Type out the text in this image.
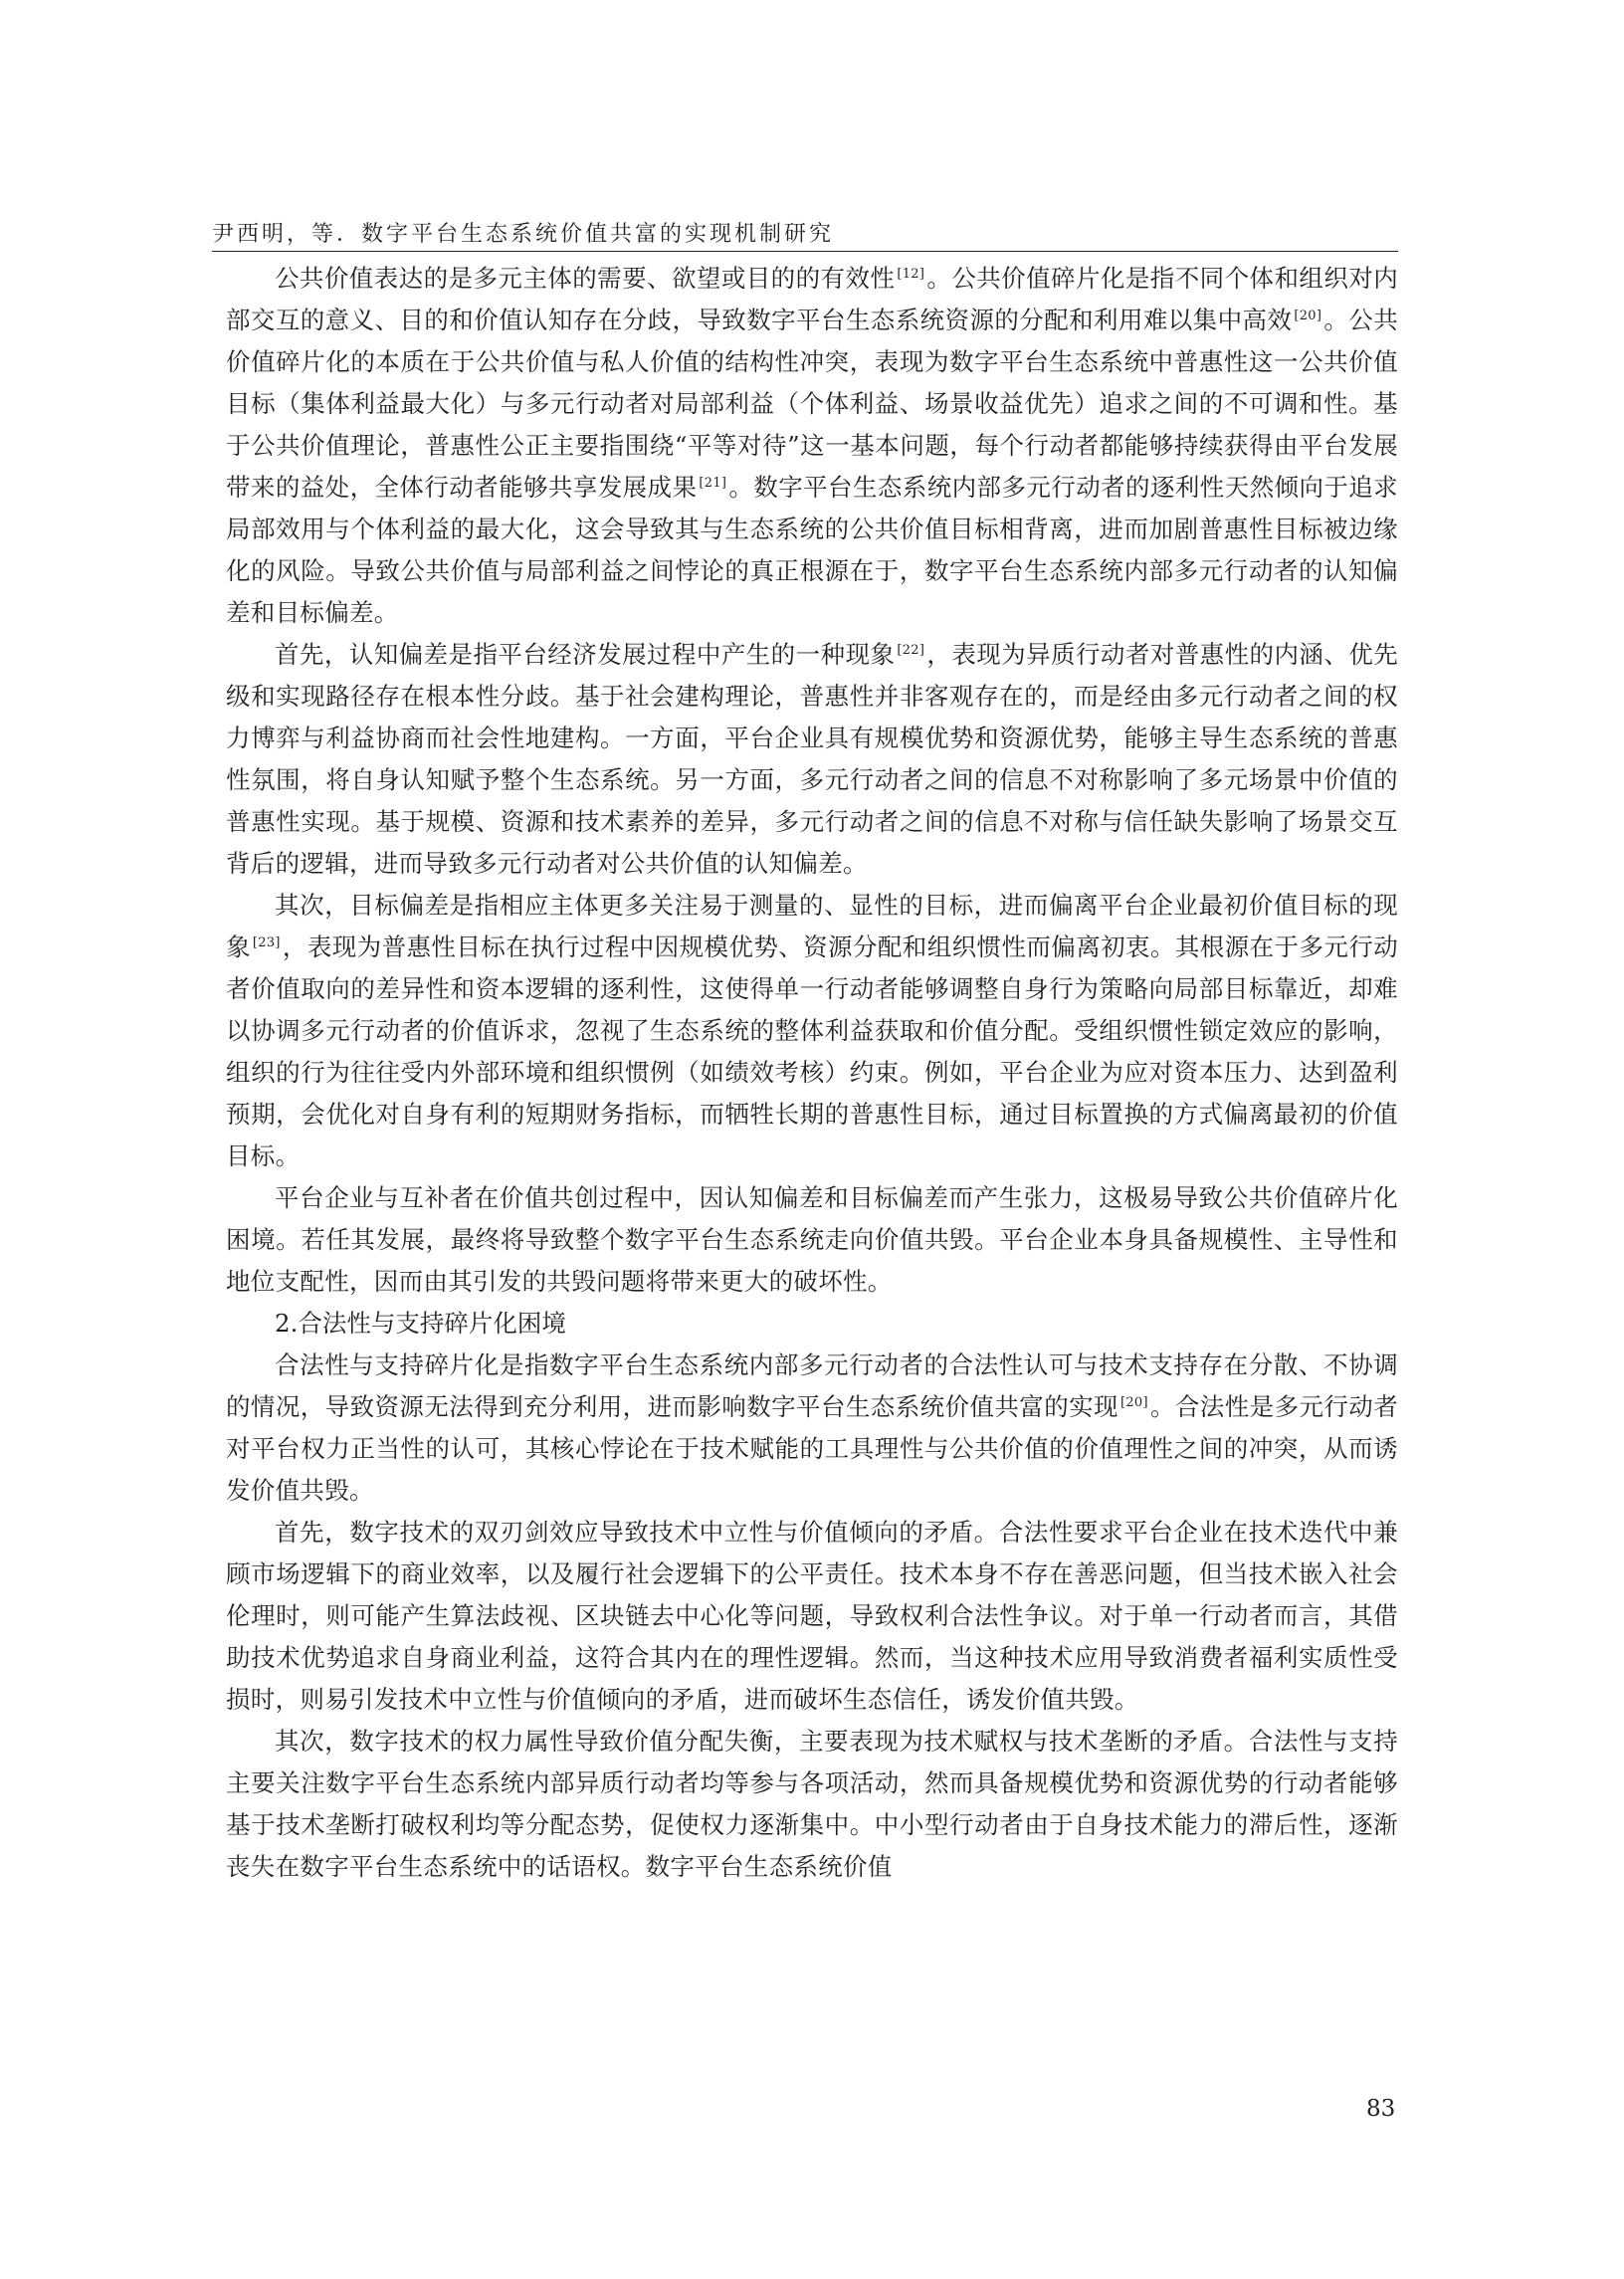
尹西明，等．数字平台生态系统价值共富的实现机制研究

公共价值表达的是多元主体的需要、欲望或目的的有效性 [12]。公共价值碎片化是指不同个体和组织对内部交互的意义、目的和价值认知存在分歧，导致数字平台生态系统资源的分配和利用难以集中高效 [20]。公共价值碎片化的本质在于公共价值与私人价值的结构性冲突，表现为数字平台生态系统中普惠性这一公共价值目标（集体利益最大化）与多元行动者对局部利益（个体利益、场景收益优先）追求之间的不可调和性。基于公共价值理论，普惠性公正主要指围绕“平等对待”这一基本问题，每个行动者都能够持续获得由平台发展带来的益处，全体行动者能够共享发展成果 [21]。数字平台生态系统内部多元行动者的逐利性天然倾向于追求局部效用与个体利益的最大化，这会导致其与生态系统的公共价值目标相背离，进而加剧普惠性目标被边缘化的风险。导致公共价值与局部利益之间悖论的真正根源在于，数字平台生态系统内部多元行动者的认知偏差和目标偏差。

首先，认知偏差是指平台经济发展过程中产生的一种现象 [22]，表现为异质行动者对普惠性的内涵、优先级和实现路径存在根本性分歧。基于社会建构理论，普惠性并非客观存在的，而是经由多元行动者之间的权力博弈与利益协商而社会性地建构。一方面，平台企业具有规模优势和资源优势，能够主导生态系统的普惠性氛围，将自身认知赋予整个生态系统。另一方面，多元行动者之间的信息不对称影响了多元场景中价值的普惠性实现。基于规模、资源和技术素养的差异，多元行动者之间的信息不对称与信任缺失影响了场景交互背后的逻辑，进而导致多元行动者对公共价值的认知偏差。

其次，目标偏差是指相应主体更多关注易于测量的、显性的目标，进而偏离平台企业最初价值目标的现象 [23]，表现为普惠性目标在执行过程中因规模优势、资源分配和组织惯性而偏离初衷。其根源在于多元行动者价值取向的差异性和资本逻辑的逐利性，这使得单一行动者能够调整自身行为策略向局部目标靠近，却难以协调多元行动者的价值诉求，忽视了生态系统的整体利益获取和价值分配。受组织惯性锁定效应的影响，组织的行为往往受内外部环境和组织惯例（如绩效考核）约束。例如，平台企业为应对资本压力、达到盈利预期，会优化对自身有利的短期财务指标，而牺牲长期的普惠性目标，通过目标置换的方式偏离最初的价值目标。

平台企业与互补者在价值共创过程中，因认知偏差和目标偏差而产生张力，这极易导致公共价值碎片化困境。若任其发展，最终将导致整个数字平台生态系统走向价值共毁。平台企业本身具备规模性、主导性和地位支配性，因而由其引发的共毁问题将带来更大的破坏性。

2.合法性与支持碎片化困境

合法性与支持碎片化是指数字平台生态系统内部多元行动者的合法性认可与技术支持存在分散、不协调的情况，导致资源无法得到充分利用，进而影响数字平台生态系统价值共富的实现 [20]。合法性是多元行动者对平台权力正当性的认可，其核心悖论在于技术赋能的工具理性与公共价值的价值理性之间的冲突，从而诱发价值共毁。

首先，数字技术的双刃剑效应导致技术中立性与价值倾向的矛盾。合法性要求平台企业在技术迭代中兼顾市场逻辑下的商业效率，以及履行社会逻辑下的公平责任。技术本身不存在善恶问题，但当技术嵌入社会伦理时，则可能产生算法歧视、区块链去中心化等问题，导致权利合法性争议。对于单一行动者而言，其借助技术优势追求自身商业利益，这符合其内在的理性逻辑。然而，当这种技术应用导致消费者福利实质性受损时，则易引发技术中立性与价值倾向的矛盾，进而破坏生态信任，诱发价值共毁。

其次，数字技术的权力属性导致价值分配失衡，主要表现为技术赋权与技术垄断的矛盾。合法性与支持主要关注数字平台生态系统内部异质行动者均等参与各项活动，然而具备规模优势和资源优势的行动者能够基于技术垄断打破权利均等分配态势，促使权力逐渐集中。中小型行动者由于自身技术能力的滞后性，逐渐丧失在数字平台生态系统中的话语权。数字平台生态系统价值

83
